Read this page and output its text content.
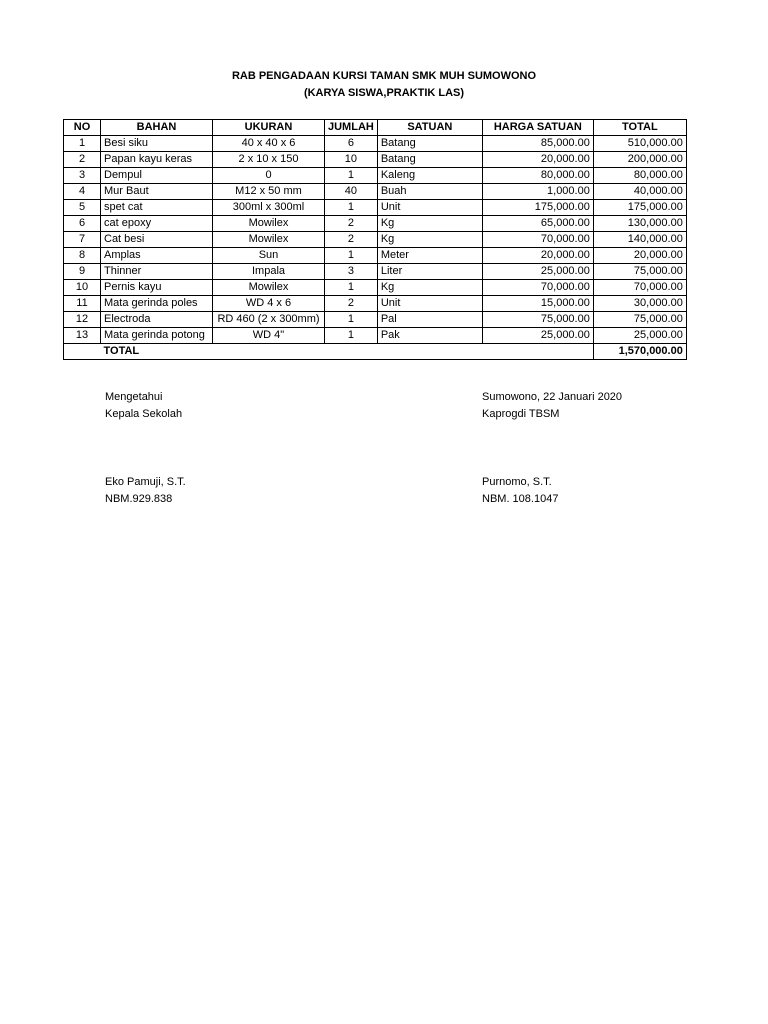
RAB PENGADAAN KURSI TAMAN SMK MUH SUMOWONO
(KARYA SISWA,PRAKTIK LAS)
NO	BAHAN	UKURAN	JUMLAH	SATUAN	HARGA SATUAN	TOTAL
1	Besi siku	40 x 40 x 6	6	Batang	85,000.00	510,000.00
2	Papan kayu keras	2 x 10 x 150	10	Batang	20,000.00	200,000.00
3	Dempul	0	1	Kaleng	80,000.00	80,000.00
4	Mur Baut	M12 x 50 mm	40	Buah	1,000.00	40,000.00
5	spet cat	300ml x 300ml	1	Unit	175,000.00	175,000.00
6	cat epoxy	Mowilex	2	Kg	65,000.00	130,000.00
7	Cat besi	Mowilex	2	Kg	70,000.00	140,000.00
8	Amplas	Sun	1	Meter	20,000.00	20,000.00
9	Thinner	Impala	3	Liter	25,000.00	75,000.00
10	Pernis kayu	Mowilex	1	Kg	70,000.00	70,000.00
11	Mata gerinda poles	WD 4 x 6	2	Unit	15,000.00	30,000.00
12	Electroda	RD 460 (2 x 300mm)	1	Pal	75,000.00	75,000.00
13	Mata gerinda potong	WD 4"	1	Pak	25,000.00	25,000.00
	TOTAL					1,570,000.00
Mengetahui
Kepala Sekolah
Eko Pamuji, S.T.
NBM.929.838
Sumowono, 22 Januari 2020
Kaprogdi TBSM
Purnomo, S.T.
NBM. 108.1047
